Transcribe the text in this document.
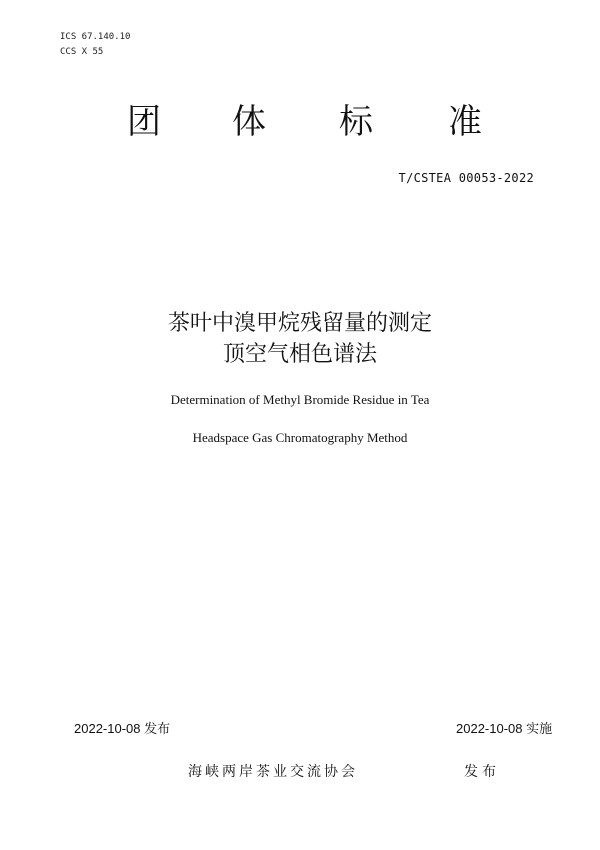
ICS 67.140.10
CCS X 55
团 体 标 准
T/CSTEA 00053-2022
茶叶中溴甲烷残留量的测定
顶空气相色谱法
Determination of Methyl Bromide Residue in Tea
Headspace Gas Chromatography Method
2022-10-08 发布	2022-10-08 实施
海峡两岸茶业交流协会	发布
